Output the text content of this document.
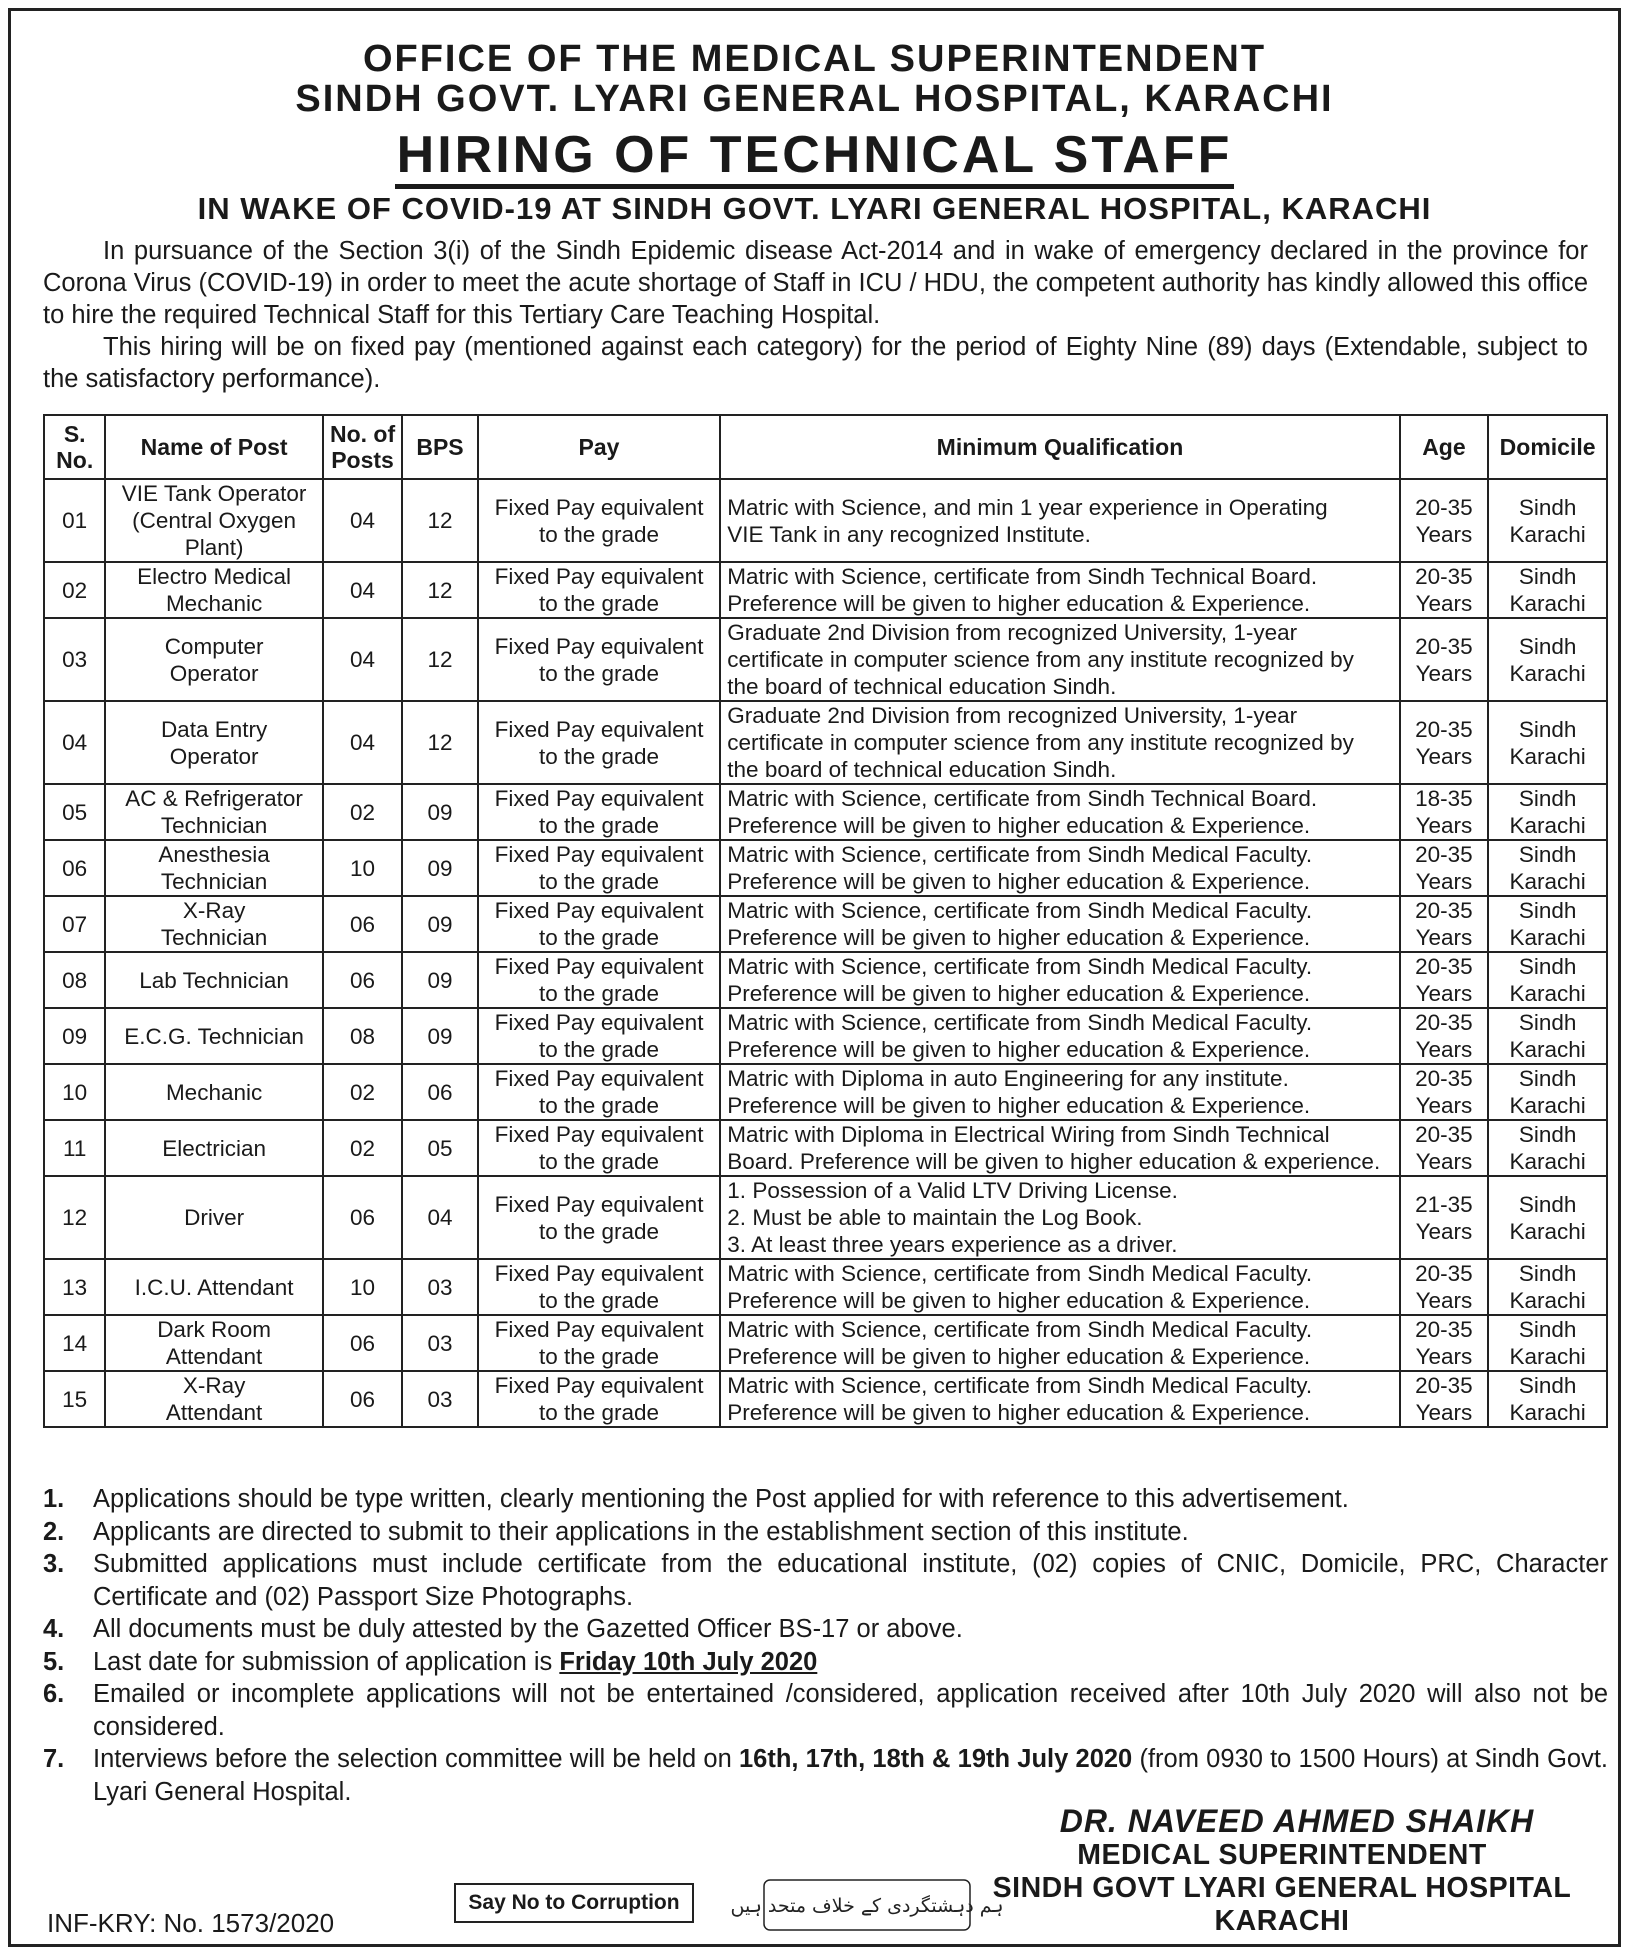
OFFICE OF THE MEDICAL SUPERINTENDENT
SINDH GOVT. LYARI GENERAL HOSPITAL, KARACHI
HIRING OF TECHNICAL STAFF
IN WAKE OF COVID-19 AT SINDH GOVT. LYARI GENERAL HOSPITAL, KARACHI

In pursuance of the Section 3(i) of the Sindh Epidemic disease Act-2014 and in wake of emergency declared in the province for Corona Virus (COVID-19) in order to meet the acute shortage of Staff in ICU / HDU, the competent authority has kindly allowed this office to hire the required Technical Staff for this Tertiary Care Teaching Hospital.

This hiring will be on fixed pay (mentioned against each category) for the period of Eighty Nine (89) days (Extendable, subject to the satisfactory performance).

S.
No.	Name of Post	No. of
Posts	BPS	Pay	Minimum Qualification	Age	Domicile

01	VIE Tank Operator
(Central Oxygen
Plant)	04	12	Fixed Pay equivalent
to the grade	Matric with Science, and min 1 year experience in Operating
VIE Tank in any recognized Institute.	20-35
Years	Sindh
Karachi

02	Electro Medical
Mechanic	04	12	Fixed Pay equivalent
to the grade	Matric with Science, certificate from Sindh Technical Board.
Preference will be given to higher education & Experience.	20-35
Years	Sindh
Karachi

03	Computer
Operator	04	12	Fixed Pay equivalent
to the grade	Graduate 2nd Division from recognized University, 1-year
certificate in computer science from any institute recognized by
the board of technical education Sindh.	20-35
Years	Sindh
Karachi

04	Data Entry
Operator	04	12	Fixed Pay equivalent
to the grade	Graduate 2nd Division from recognized University, 1-year
certificate in computer science from any institute recognized by
the board of technical education Sindh.	20-35
Years	Sindh
Karachi

05	AC & Refrigerator
Technician	02	09	Fixed Pay equivalent
to the grade	Matric with Science, certificate from Sindh Technical Board.
Preference will be given to higher education & Experience.	18-35
Years	Sindh
Karachi

06	Anesthesia
Technician	10	09	Fixed Pay equivalent
to the grade	Matric with Science, certificate from Sindh Medical Faculty.
Preference will be given to higher education & Experience.	20-35
Years	Sindh
Karachi

07	X-Ray
Technician	06	09	Fixed Pay equivalent
to the grade	Matric with Science, certificate from Sindh Medical Faculty.
Preference will be given to higher education & Experience.	20-35
Years	Sindh
Karachi

08	Lab Technician	06	09	Fixed Pay equivalent
to the grade	Matric with Science, certificate from Sindh Medical Faculty.
Preference will be given to higher education & Experience.	20-35
Years	Sindh
Karachi

09	E.C.G. Technician	08	09	Fixed Pay equivalent
to the grade	Matric with Science, certificate from Sindh Medical Faculty.
Preference will be given to higher education & Experience.	20-35
Years	Sindh
Karachi

10	Mechanic	02	06	Fixed Pay equivalent
to the grade	Matric with Diploma in auto Engineering for any institute.
Preference will be given to higher education & Experience.	20-35
Years	Sindh
Karachi

11	Electrician	02	05	Fixed Pay equivalent
to the grade	Matric with Diploma in Electrical Wiring from Sindh Technical
Board. Preference will be given to higher education & experience.	20-35
Years	Sindh
Karachi

12	Driver	06	04	Fixed Pay equivalent
to the grade	1. Possession of a Valid LTV Driving License.
2. Must be able to maintain the Log Book.
3. At least three years experience as a driver.	21-35
Years	Sindh
Karachi

13	I.C.U. Attendant	10	03	Fixed Pay equivalent
to the grade	Matric with Science, certificate from Sindh Medical Faculty.
Preference will be given to higher education & Experience.	20-35
Years	Sindh
Karachi

14	Dark Room
Attendant	06	03	Fixed Pay equivalent
to the grade	Matric with Science, certificate from Sindh Medical Faculty.
Preference will be given to higher education & Experience.	20-35
Years	Sindh
Karachi

15	X-Ray
Attendant	06	03	Fixed Pay equivalent
to the grade	Matric with Science, certificate from Sindh Medical Faculty.
Preference will be given to higher education & Experience.	20-35
Years	Sindh
Karachi
1.	Applications should be type written, clearly mentioning the Post applied for with reference to this advertisement.
2.	Applicants are directed to submit to their applications in the establishment section of this institute.
3.	Submitted applications must include certificate from the educational institute, (02) copies of CNIC, Domicile, PRC, Character Certificate and (02) Passport Size Photographs.
4.	All documents must be duly attested by the Gazetted Officer BS-17 or above.
5.	Last date for submission of application is Friday 10th July 2020
6.	Emailed or incomplete applications will not be entertained /considered, application received after 10th July 2020 will also not be considered.
7.	Interviews before the selection committee will be held on 16th, 17th, 18th & 19th July 2020 (from 0930 to 1500 Hours) at Sindh Govt. Lyari General Hospital.
DR. NAVEED AHMED SHAIKH
MEDICAL SUPERINTENDENT
SINDH GOVT LYARI GENERAL HOSPITAL
KARACHI
INF-KRY: No. 1573/2020
Say No to Corruption	ہم دہشتگردی کے خلاف متحد ہیں
